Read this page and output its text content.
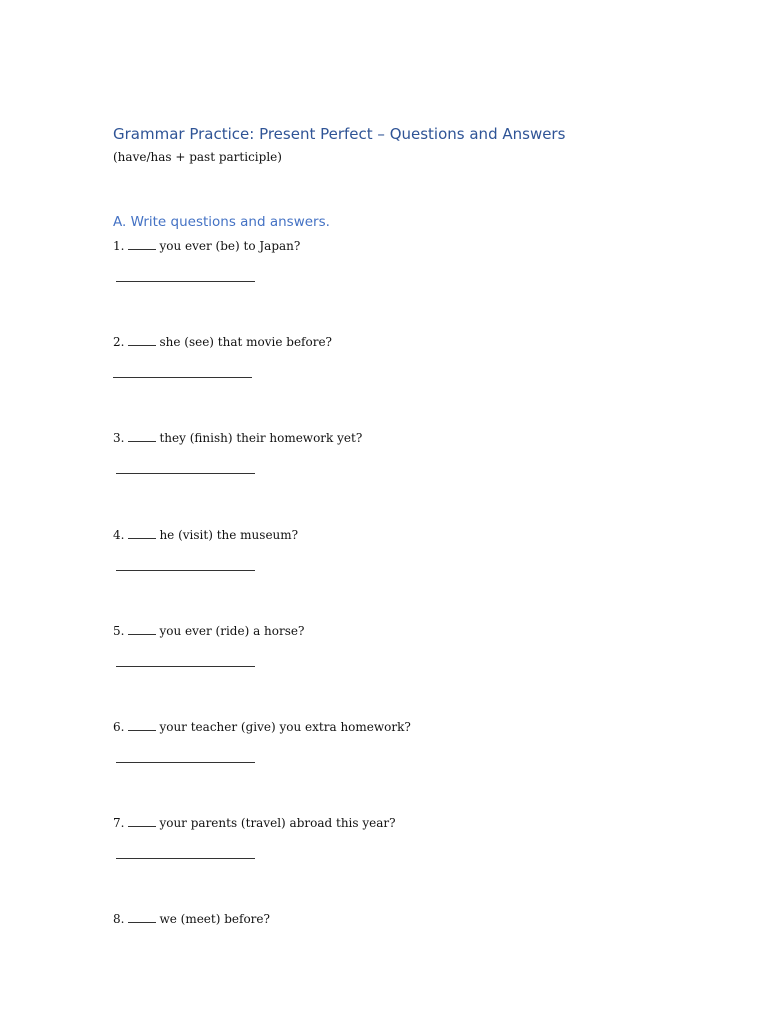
Grammar Practice: Present Perfect – Questions and Answers

(have/has + past participle)

A. Write questions and answers.
1.	you ever (be) to Japan?
2.	she (see) that movie before?
3.	they (finish) their homework yet?
4.	he (visit) the museum?
5.	you ever (ride) a horse?
6.	your teacher (give) you extra homework?
7.	your parents (travel) abroad this year?
8.	we (meet) before?
